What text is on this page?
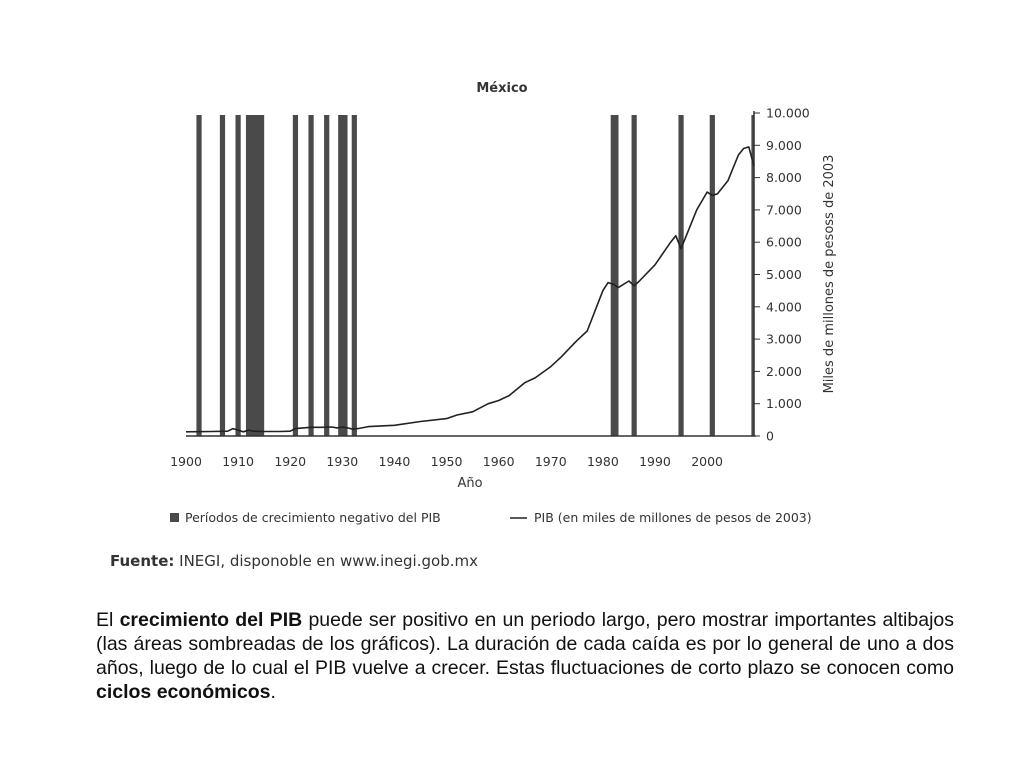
México
0
1.000
2.000
3.000
4.000
5.000
6.000
7.000
8.000
9.000
10.000
1900 1910 1920 1930 1940 1950 1960 1970 1980 1990 2000
Año
Miles de millones de pesoss de 2003
Períodos de crecimiento negativo del PIB	PIB (en miles de millones de pesos de 2003)
Fuente: INEGI, disponoble en www.inegi.gob.mx

El crecimiento del PIB puede ser positivo en un periodo largo, pero mostrar importantes altibajos (las áreas sombreadas de los gráficos). La duración de cada caída es por lo general de uno a dos años, luego de lo cual el PIB vuelve a crecer. Estas fluctuaciones de corto plazo se conocen como ciclos económicos.
